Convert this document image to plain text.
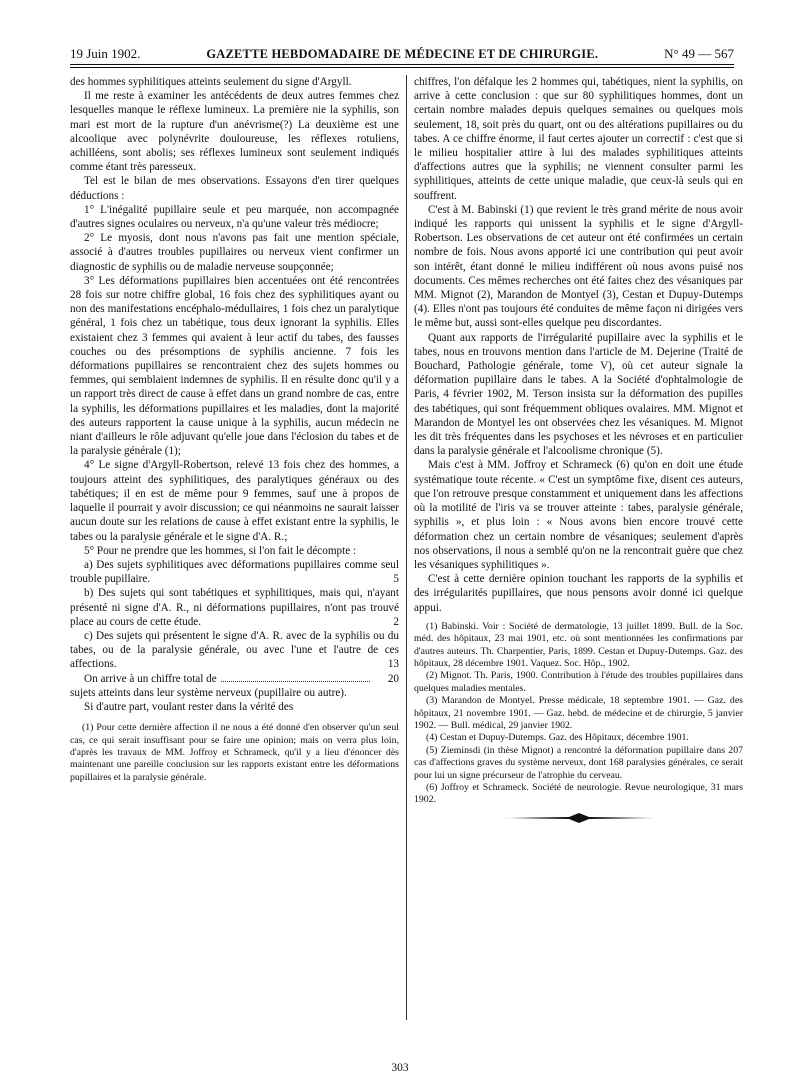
19 Juin 1902.	GAZETTE HEBDOMADAIRE DE MÉDECINE ET DE CHIRURGIE.	N° 49 — 567

des hommes syphilitiques atteints seulement du signe d'Argyll.

Il me reste à examiner les antécédents de deux autres femmes chez lesquelles manque le réflexe lumineux. La première nie la syphilis, son mari est mort de la rupture d'un anévrisme(?) La deuxième est une alcoolique avec polynévrite douloureuse, les réflexes rotuliens, achilléens, sont abolis; ses réflexes lumineux sont seulement indiqués comme étant très paresseux.

Tel est le bilan de mes observations. Essayons d'en tirer quelques déductions :

1° L'inégalité pupillaire seule et peu marquée, non accompagnée d'autres signes oculaires ou nerveux, n'a qu'une valeur très médiocre;

2° Le myosis, dont nous n'avons pas fait une mention spéciale, associé à d'autres troubles pupillaires ou nerveux vient confirmer un diagnostic de syphilis ou de maladie nerveuse soupçonnée;

3° Les déformations pupillaires bien accentuées ont été rencontrées 28 fois sur notre chiffre global, 16 fois chez des syphilitiques ayant ou non des manifestations encéphalo-médullaires, 1 fois chez un paralytique général, 1 fois chez un tabétique, tous deux ignorant la syphilis. Elles existaient chez 3 femmes qui avaient à leur actif du tabes, des fausses couches ou des présomptions de syphilis ancienne. 7 fois les déformations pupillaires se rencontraient chez des sujets hommes ou femmes, qui semblaient indemnes de syphilis. Il en résulte donc qu'il y a un rapport très direct de cause à effet dans un grand nombre de cas, entre la syphilis, les déformations pupillaires et les maladies, dont la majorité des auteurs rapportent la cause unique à la syphilis, aucun médecin ne niant d'ailleurs le rôle adjuvant qu'elle joue dans l'éclosion du tabes et de la paralysie générale (1);

4° Le signe d'Argyll-Robertson, relevé 13 fois chez des hommes, a toujours atteint des syphilitiques, des paralytiques généraux ou des tabétiques; il en est de même pour 9 femmes, sauf une à propos de laquelle il pourrait y avoir discussion; ce qui néanmoins ne saurait laisser aucun doute sur les relations de cause à effet existant entre la syphilis, le tabes ou la paralysie générale et le signe d'A. R.;

5° Pour ne prendre que les hommes, si l'on fait le décompte :

a) Des sujets syphilitiques avec déformations pupillaires comme seul trouble pupillaire.	5

b) Des sujets qui sont tabétiques et syphilitiques, mais qui, n'ayant présenté ni signe d'A. R., ni déformations pupillaires, n'ont pas trouvé place au cours de cette étude.	2

c) Des sujets qui présentent le signe d'A. R. avec de la syphilis ou du tabes, ou de la paralysie générale, ou avec l'une et l'autre de ces affections.	13

On arrive à un chiffre total de	20

sujets atteints dans leur système nerveux (pupillaire ou autre).

Si d'autre part, voulant rester dans la vérité des

(1) Pour cette dernière affection il ne nous a été donné d'en observer qu'un seul cas, ce qui serait insuffisant pour se faire une opinion; mais on verra plus loin, d'après les travaux de MM. Joffroy et Schrameck, qu'il y a lieu d'énoncer dès maintenant une pareille conclusion sur les rapports existant entre les déformations pupillaires et la paralysie générale.

chiffres, l'on défalque les 2 hommes qui, tabétiques, nient la syphilis, on arrive à cette conclusion : que sur 80 syphilitiques hommes, dont un certain nombre malades depuis quelques semaines ou quelques mois seulement, 18, soit près du quart, ont ou des altérations pupillaires ou du tabes. A ce chiffre énorme, il faut certes ajouter un correctif : c'est que si le milieu hospitalier attire à lui des malades syphilitiques atteints d'affections autres que la syphilis; ne viennent consulter parmi les syphilitiques, atteints de cette unique maladie, que ceux-là seuls qui en souffrent.

C'est à M. Babinski (1) que revient le très grand mérite de nous avoir indiqué les rapports qui unissent la syphilis et le signe d'Argyll-Robertson. Les observations de cet auteur ont été confirmées un certain nombre de fois. Nous avons apporté ici une contribution qui peut avoir son intérêt, étant donné le milieu indifférent où nous avons puisé nos documents. Ces mêmes recherches ont été faites chez des vésaniques par MM. Mignot (2), Marandon de Montyel (3), Cestan et Dupuy-Dutemps (4). Elles n'ont pas toujours été conduites de même façon ni dirigées vers le même but, aussi sont-elles quelque peu discordantes.

Quant aux rapports de l'irrégularité pupillaire avec la syphilis et le tabes, nous en trouvons mention dans l'article de M. Dejerine (Traité de Bouchard, Pathologie générale, tome V), où cet auteur signale la déformation pupillaire dans le tabes. A la Société d'ophtalmologie de Paris, 4 février 1902, M. Terson insista sur la déformation des pupilles des tabétiques, qui sont fréquemment obliques ovalaires. MM. Mignot et Marandon de Montyel les ont observées chez les vésaniques. M. Mignot les dit très fréquentes dans les psychoses et les névroses et en particulier dans la paralysie générale et l'alcoolisme chronique (5).

Mais c'est à MM. Joffroy et Schrameck (6) qu'on en doit une étude systématique toute récente. « C'est un symptôme fixe, disent ces auteurs, que l'on retrouve presque constamment et uniquement dans les affections où la motilité de l'iris va se trouver atteinte : tabes, paralysie générale, syphilis », et plus loin : « Nous avons bien encore trouvé cette déformation chez un certain nombre de vésaniques; seulement d'après nos observations, il nous a semblé qu'on ne la rencontrait guère que chez les vésaniques syphilitiques ».

C'est à cette dernière opinion touchant les rapports de la syphilis et des irrégularités pupillaires, que nous pensons avoir donné ici quelque appui.

(1) Babinski. Voir : Société de dermatologie, 13 juillet 1899. Bull. de la Soc. méd. des hôpitaux, 23 mai 1901, etc. où sont mentionnées les confirmations par d'autres auteurs. Th. Charpentier, Paris, 1899. Cestan et Dupuy-Dutemps. Gaz. des hôpitaux, 28 décembre 1901. Vaquez. Soc. Hôp., 1902.

(2) Mignot. Th. Paris, 1900. Contribution à l'étude des troubles pupillaires dans quelques maladies mentales.

(3) Marandon de Montyel. Presse médicale, 18 septembre 1901. — Gaz. des hôpitaux, 21 novembre 1901. — Gaz. hebd. de médecine et de chirurgie, 5 janvier 1902. — Bull. médical, 29 janvier 1902.

(4) Cestan et Dupuy-Dutemps. Gaz. des Hôpitaux, décembre 1901.

(5) Zieminsdi (in thèse Mignot) a rencontré la déformation pupillaire dans 207 cas d'affections graves du système nerveux, dont 168 paralysies générales, ce serait pour lui un signe précurseur de l'atrophie du cerveau.

(6) Joffroy et Schrameck. Société de neurologie. Revue neurologique, 31 mars 1902.

303
